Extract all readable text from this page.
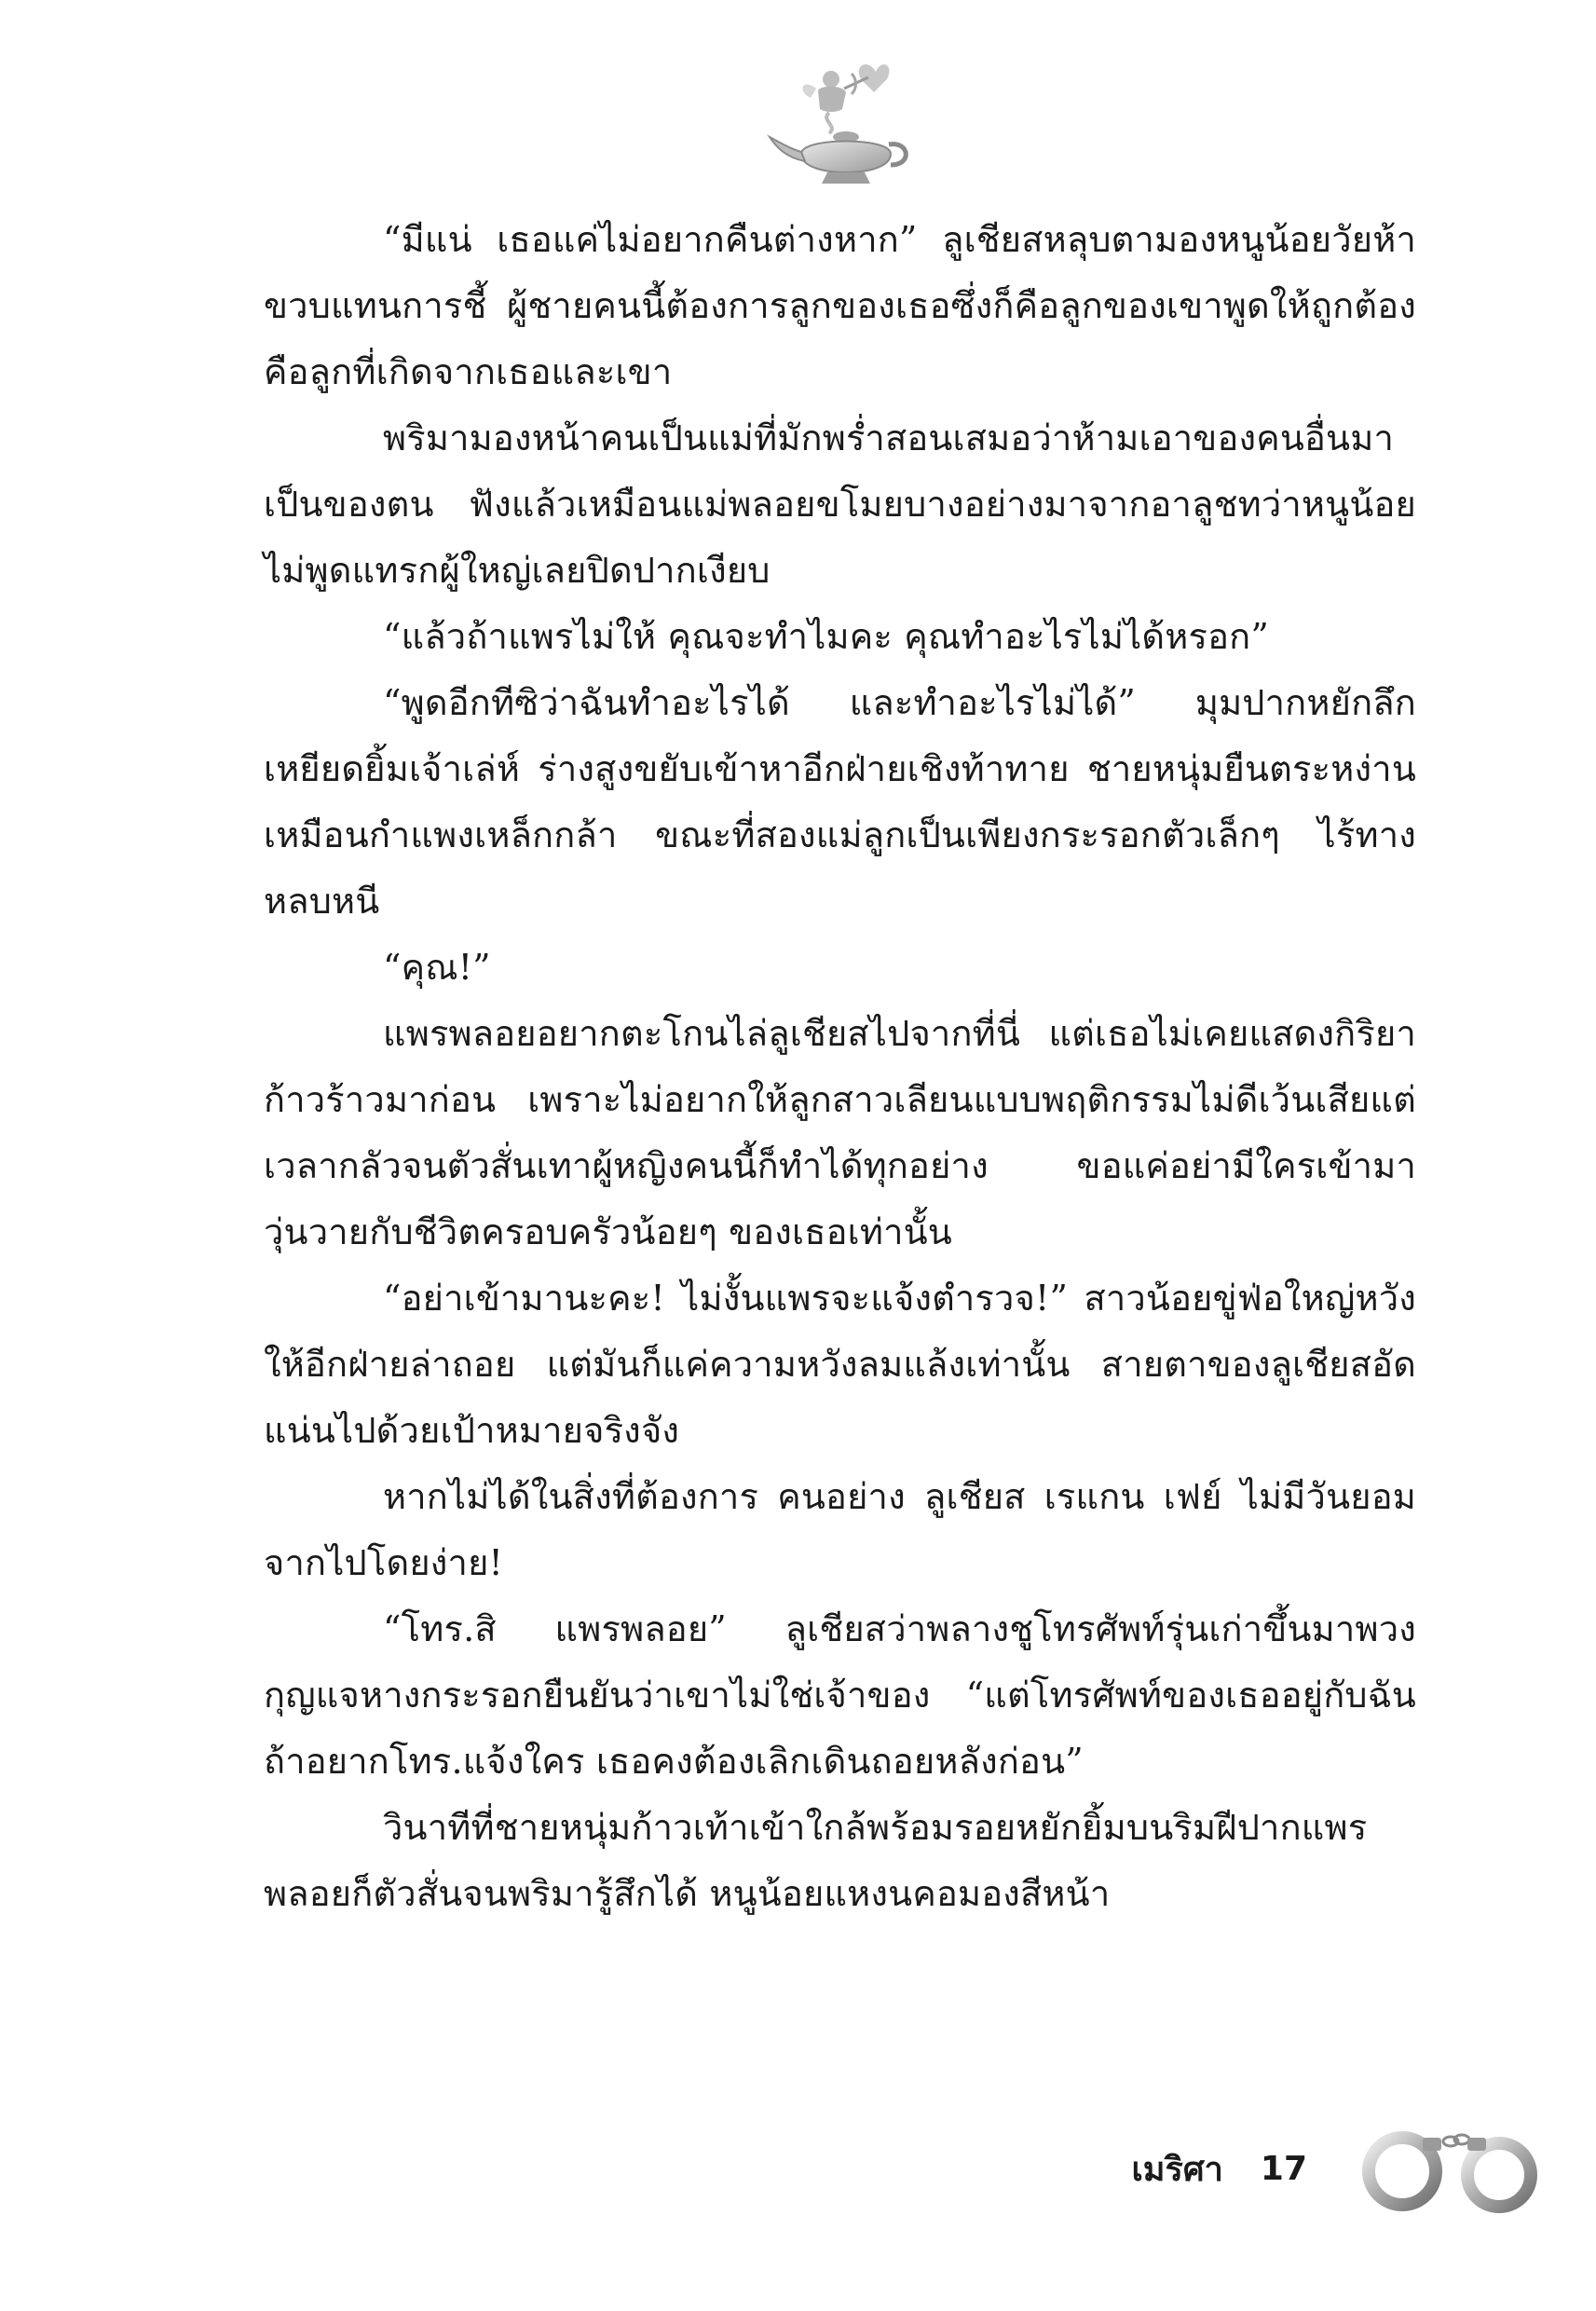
“มีแน่ เธอแค่ไม่อยากคืนต่างหาก” ลูเชียสหลุบตามองหนูน้อยวัยห้าขวบแทนการชี้ ผู้ชายคนนี้ต้องการลูกของเธอซึ่งก็คือลูกของเขาพูดให้ถูกต้องคือลูกที่เกิดจากเธอและเขา

พริมามองหน้าคนเป็นแม่ที่มักพร่ำสอนเสมอว่าห้ามเอาของคนอื่นมาเป็นของตน ฟังแล้วเหมือนแม่พลอยขโมยบางอย่างมาจากอาลูชทว่าหนูน้อยไม่พูดแทรกผู้ใหญ่เลยปิดปากเงียบ

“แล้วถ้าแพรไม่ให้ คุณจะทำไมคะ คุณทำอะไรไม่ได้หรอก”

“พูดอีกทีซิว่าฉันทำอะไรได้ และทำอะไรไม่ได้” มุมปากหยักลึกเหยียดยิ้มเจ้าเล่ห์ ร่างสูงขยับเข้าหาอีกฝ่ายเชิงท้าทาย ชายหนุ่มยืนตระหง่านเหมือนกำแพงเหล็กกล้า ขณะที่สองแม่ลูกเป็นเพียงกระรอกตัวเล็กๆ ไร้ทางหลบหนี

“คุณ!”

แพรพลอยอยากตะโกนไล่ลูเชียสไปจากที่นี่ แต่เธอไม่เคยแสดงกิริยาก้าวร้าวมาก่อน เพราะไม่อยากให้ลูกสาวเลียนแบบพฤติกรรมไม่ดีเว้นเสียแต่เวลากลัวจนตัวสั่นเทาผู้หญิงคนนี้ก็ทำได้ทุกอย่าง ขอแค่อย่ามีใครเข้ามาวุ่นวายกับชีวิตครอบครัวน้อยๆ ของเธอเท่านั้น

“อย่าเข้ามานะคะ! ไม่งั้นแพรจะแจ้งตำรวจ!” สาวน้อยขู่ฟ่อใหญ่หวังให้อีกฝ่ายล่าถอย แต่มันก็แค่ความหวังลมแล้งเท่านั้น สายตาของลูเชียสอัดแน่นไปด้วยเป้าหมายจริงจัง

หากไม่ได้ในสิ่งที่ต้องการ คนอย่าง ลูเชียส เรแกน เฟย์ ไม่มีวันยอมจากไปโดยง่าย!

“โทร.สิ แพรพลอย” ลูเชียสว่าพลางชูโทรศัพท์รุ่นเก่าขึ้นมาพวงกุญแจหางกระรอกยืนยันว่าเขาไม่ใช่เจ้าของ “แต่โทรศัพท์ของเธออยู่กับฉัน ถ้าอยากโทร.แจ้งใคร เธอคงต้องเลิกเดินถอยหลังก่อน”

วินาทีที่ชายหนุ่มก้าวเท้าเข้าใกล้พร้อมรอยหยักยิ้มบนริมฝีปากแพรพลอยก็ตัวสั่นจนพริมารู้สึกได้ หนูน้อยแหงนคอมองสีหน้า

เมริศา 17
